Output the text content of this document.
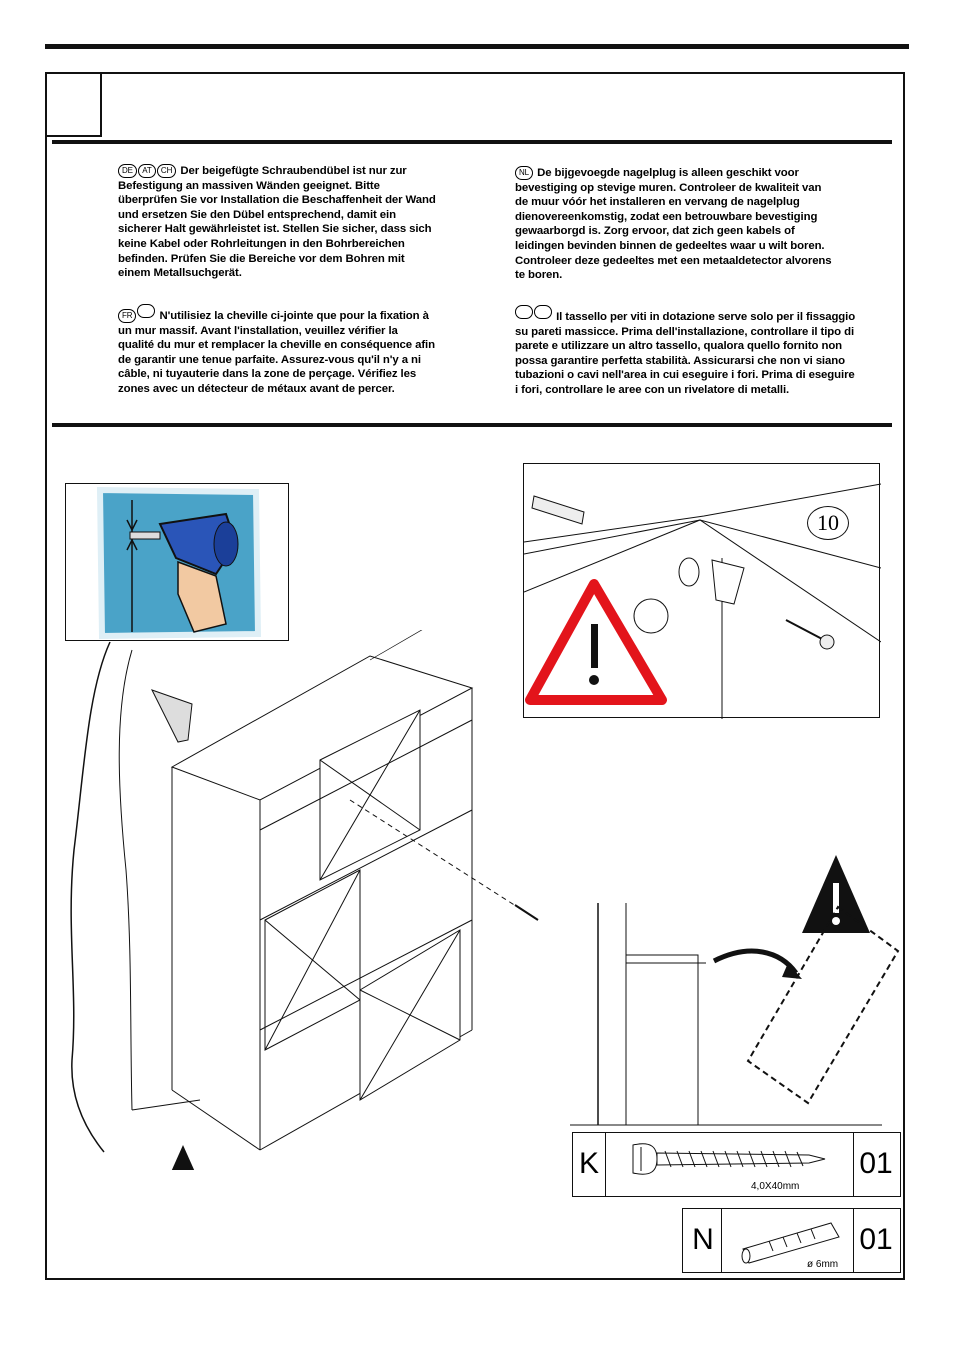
DE AT CH Der beigefügte Schraubendübel ist nur zur Befestigung an massiven Wänden geeignet. Bitte überprüfen Sie vor Installation die Beschaffenheit der Wand und ersetzen Sie den Dübel entsprechend, damit ein sicherer Halt gewährleistet ist. Stellen Sie sicher, dass sich keine Kabel oder Rohrleitungen in den Bohrbereichen befinden. Prüfen Sie die Bereiche vor dem Bohren mit einem Metallsuchgerät.
FR N'utilisiez la cheville ci-jointe que pour la fixation à un mur massif. Avant l'installation, veuillez vérifier la qualité du mur et remplacer la cheville en conséquence afin de garantir une tenue parfaite. Assurez-vous qu'il n'y a ni câble, ni tuyauterie dans la zone de perçage. Vérifiez les zones avec un détecteur de métaux avant de percer.
NL De bijgevoegde nagelplug is alleen geschikt voor bevestiging op stevige muren. Controleer de kwaliteit van de muur vóór het installeren en vervang de nagelplug dienovereenkomstig, zodat een betrouwbare bevestiging gewaarborgd is. Zorg ervoor, dat zich geen kabels of leidingen bevinden binnen de gedeeltes waar u wilt boren. Controleer deze gedeeltes met een metaaldetector alvorens te boren.
Il tassello per viti in dotazione serve solo per il fissaggio su pareti massicce. Prima dell'installazione, controllare il tipo di parete e utilizzare un altro tassello, qualora quello fornito non possa garantire perfetta stabilità. Assicurarsi che non vi siano tubazioni o cavi nell'area in cui eseguire i fori. Prima di eseguire i fori, controllare le aree con un rivelatore di metalli.
10
K
4,0X40mm
01
N
ø 6mm
01
